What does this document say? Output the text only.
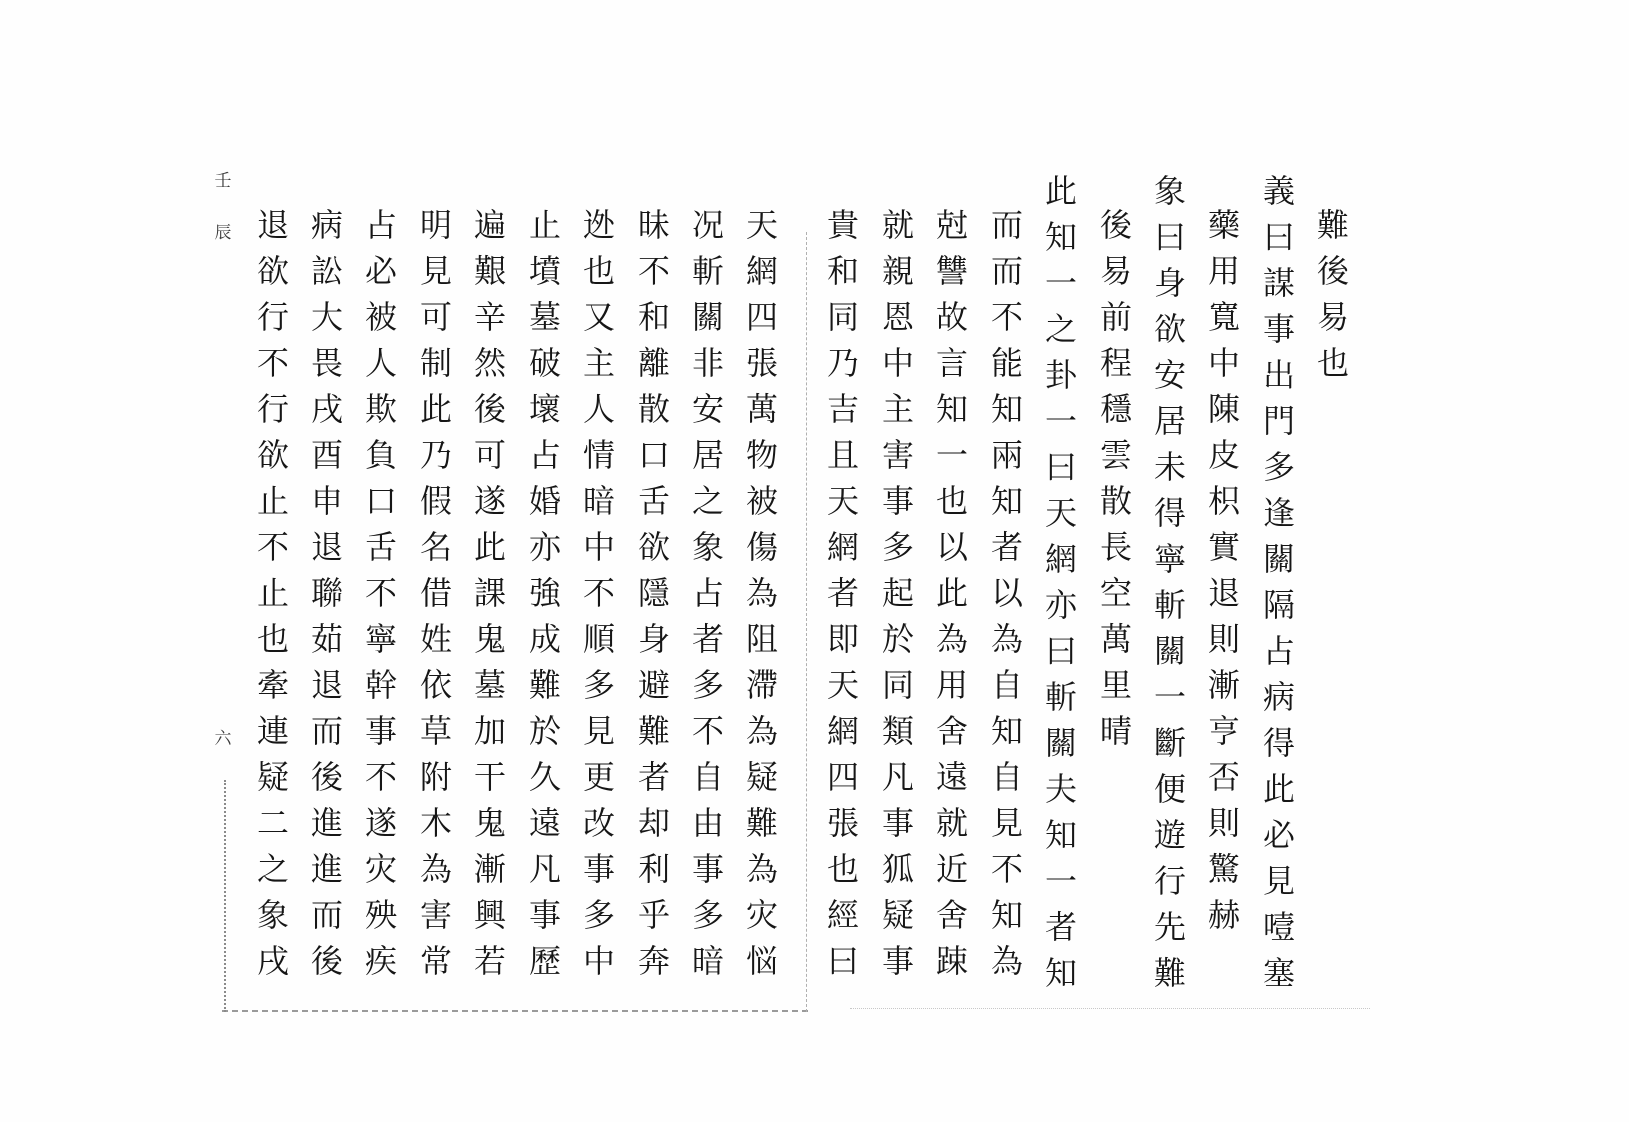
壬
辰
六
難
後
易
也
義
曰
謀
事
出
門
多
逢
關
隔
占
病
得
此
必
見
噎
塞
藥
用
寬
中
陳
皮
枳
實
退
則
漸
亨
否
則
驚
赫
象
曰
身
欲
安
居
未
得
寧
斬
關
一
斷
便
遊
行
先
難
後
易
前
程
穩
雲
散
長
空
萬
里
晴
此
知
一
之
卦
一
曰
天
網
亦
曰
斬
關
夫
知
一
者
知
而
而
不
能
知
兩
知
者
以
為
自
知
自
見
不
知
為
尅
讐
故
言
知
一
也
以
此
為
用
舍
遠
就
近
舍
踈
就
親
恩
中
主
害
事
多
起
於
同
類
凡
事
狐
疑
事
貴
和
同
乃
吉
且
天
網
者
即
天
網
四
張
也
經
曰
天
網
四
張
萬
物
被
傷
為
阻
滯
為
疑
難
為
灾
悩
况
斬
關
非
安
居
之
象
占
者
多
不
自
由
事
多
暗
昧
不
和
離
散
口
舌
欲
隱
身
避
難
者
却
利
乎
奔
迯
也
又
主
人
情
暗
中
不
順
多
見
更
改
事
多
中
止
墳
墓
破
壞
占
婚
亦
強
成
難
於
久
遠
凡
事
歷
遍
艱
辛
然
後
可
遂
此
課
鬼
墓
加
干
鬼
漸
興
若
明
見
可
制
此
乃
假
名
借
姓
依
草
附
木
為
害
常
占
必
被
人
欺
負
口
舌
不
寧
幹
事
不
遂
灾
殃
疾
病
訟
大
畏
戌
酉
申
退
聯
茹
退
而
後
進
進
而
後
退
欲
行
不
行
欲
止
不
止
也
牽
連
疑
二
之
象
戌
